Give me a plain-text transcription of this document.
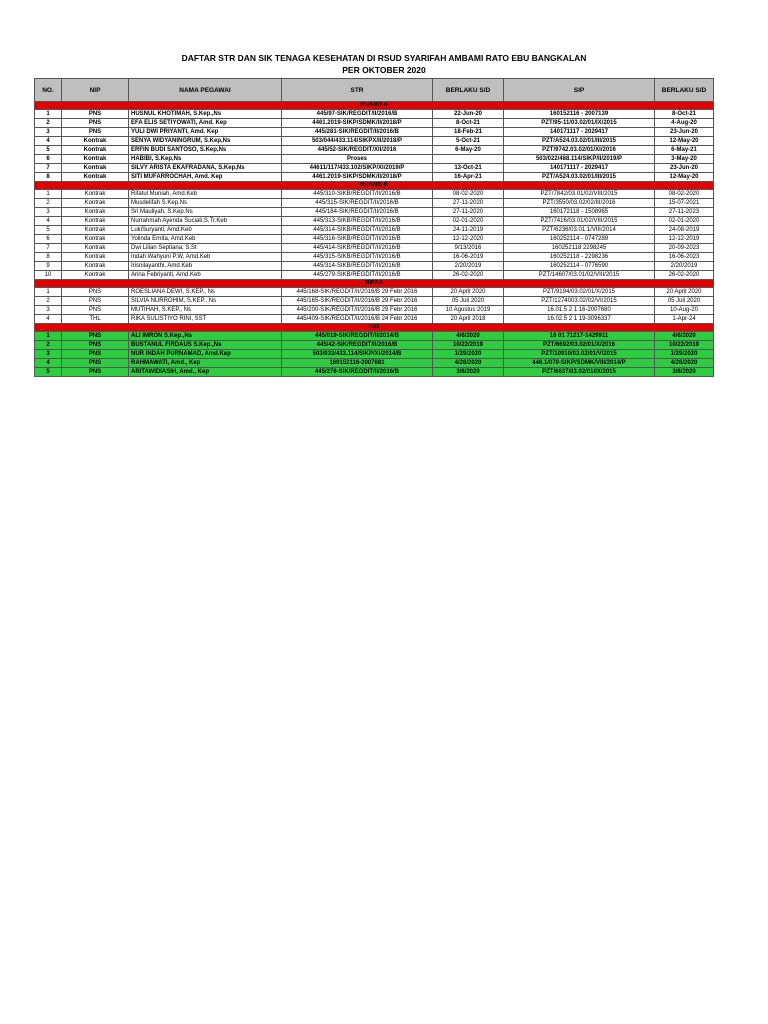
DAFTAR STR DAN SIK TENAGA KESEHATAN DI RSUD SYARIFAH AMBAMI RATO EBU BANGKALAN
PER OKTOBER 2020
NO.	NIP	NAMA PEGAWAI	STR	BERLAKU S/D	SIP	BERLAKU S/D
RUANG A						
1	PNS	HUSNUL KHOTIMAH, S.Kep.,Ns	445/97-SIK/REGDIT/II/2016/B	22-Jun-20	160152116 - 2007139	8-Oct-21
2	PNS	EFA ELIS SETIYOWATI, Amd. Kep	4461.2019-SIKP/SDMK/II/2018/P	8-Oct-21	PZT/95-11/03.02/01/IX/2015	4-Aug-20
3	PNS	YULI DWI PRIYANTI, Amd. Kep	445/281-SIK/REGDIT/II/2016/B	18-Feb-21	140171117 - 2029417	23-Jun-20
4	Kontrak	SENYA WIDYANINGRUM, S.Kep,Ns	503/044/433.114/SIKPX/II/2018/P	5-Oct-21	PZT/A524.03.02/01/III/2015	12-May-20
5	Kontrak	ERFIN BUDI SANTOSO, S.Kep,Ns	445/52-SIK/REGDIT/XII/2016	6-May-20	PZT/9742.03.02/01/XI/2016	6-May-21
6	Kontrak	HABIBI, S.Kep,Ns	Proses		503/022/488.114/SIKP/II/2019/P	3-May-20
7	Kontrak	SILVY ARISTA EKAFRADANA, S.Kep,Ns	44611/117/433.102/SIKP/XI/2019/P	13-Oct-21	140171117 - 2029417	23-Jun-20
8	Kontrak	SITI MUFARROCHAH, Amd. Kep	4461.2019-SIKP/SDMK/II/2018/P	16-Apr-21	PZT/A524.03.02/01/III/2015	12-May-20
RUANG B						
1	Kontrak	Rifatul Muniah, Amd.Keb	445/310-SIKB/REGDIT/II/2016/B	08-02-2020	PZT/7842/03.01/02/VIII/2015	08-02-2020
2	Kontrak	Musdelifah S.Kep.Ns	445/315-SIK/REGDIT/II/2016/B	27-11-2020	PZT/3550/03.02/02/III/2016	15-07-2021
3	Kontrak	Sri Mauliyah, S.Kep.Ns	445/184-SIK/REGDIT/II/2016/B	27-11-2020	160172118 - 1508965	27-11-2023
4	Kontrak	Nurrahmah Ayenda Suciati,S.Tr.Keb	445/313-SIKB/REGDIT/II/2016/B	02-01-2020	PZT/7416/03.01/02/VIII/2015	02-01-2020
5	Kontrak	LukiSuryanti, Amd.Keb	445/314-SIKB/REGDIT/II/2016/B	24-11-2019	PZT/6236/03.01.1/VIII/2014	24-08-2019
6	Kontrak	Yolinda Ernita, Amd.Keb	445/316-SIKB/REGDIT/II/2016/B	12-12-2020	160252114 - 0747289	12-12-2019
7	Kontrak	Dwi Lilian Septiana, S.St	445/414-SIKB/REGDIT/II/2016/B	9/13/2016	160252118 2298245	20-09-2023
8	Kontrak	Indah Wahyuni P.W, Amd.Keb	445/315-SIKB/REGDIT/II/2016/B	16-06-2019	160252118 - 2298236	16-06-2023
9	Kontrak	Irisnilayanthi, Amd.Keb	445/314-SIKB/REGDIT/II/2016/B	2/20/2019	160252114 - 0776590	2/20/2019
10	Kontrak	Arina Febriyanti, Amd.Keb	445/279-SIKB/REGDIT/II/2016/B	26-02-2020	PZT/14607/03.01/02/VIII/2015	26-02-2020
NIFAS						
1	PNS	ROESLIANA DEWI, S.KEP., Ns	445/168-SIK/REGDIT/II/2016/B 29 Febr 2016	20 April 2020	PZT/9194/03.02/01/X/2015	20 April 2020
2	PNS	SILVIA NURROHIM, S.KEP., Ns	445/165-SIK/REGDIT/II/2016/B 29 Febr 2016	05 Juli 2020	PZT/1274003.02/02/VI/2015	05 Juli 2020
3	PNS	MUTIHAH, S.KEP., Ns	445/200-SIK/REGDIT/II/2016/B 29 Febr 2016	10 Agustus 2019	16.01.5 2 1 16-2007680	10-Aug-20
4	THL	RIKA SULISTIYO RINI, SST	445/409-SIK/REGDIT/II/2016/B 24 Febr 2016	20 April 2018	16.02.5 2 1 19-3096337	1-Apr-24
IGD						
1	PNS	ALI IMRON S.Kep.,Ns	445/019-SIK/REGDIT/II/2014/B	4/6/2020	16 01 71217-1429911	4/6/2020
2	PNS	BUSTANUL FIRDAUS S.Kep.,Ns	445/42-SIK/REGDIT/II/2016/B	10/22/2019	PZT/6692/03.02/01/X/2016	10/22/2019
3	PNS	NUR INDAH PURNAMAD, Amd.Kep	503/033/433.114/SIKP/XI/2014/B	1/29/2020	PZT/10910/03.02/01/V/2015	1/29/2020
4	PNS	RAHMAWATI, Amd., Kep	160152116-2007681	4/26/2020	446.1/070-SIKP/SDMK/VIII/2014/P	4/26/2020
5	PNS	ARITAWIDIASIH, Amd., Kep	445/276-SIK/REGDIT/II/2016/B	3/6/2020	PZT/6637/03.02/01/IX/2015	3/6/2020
